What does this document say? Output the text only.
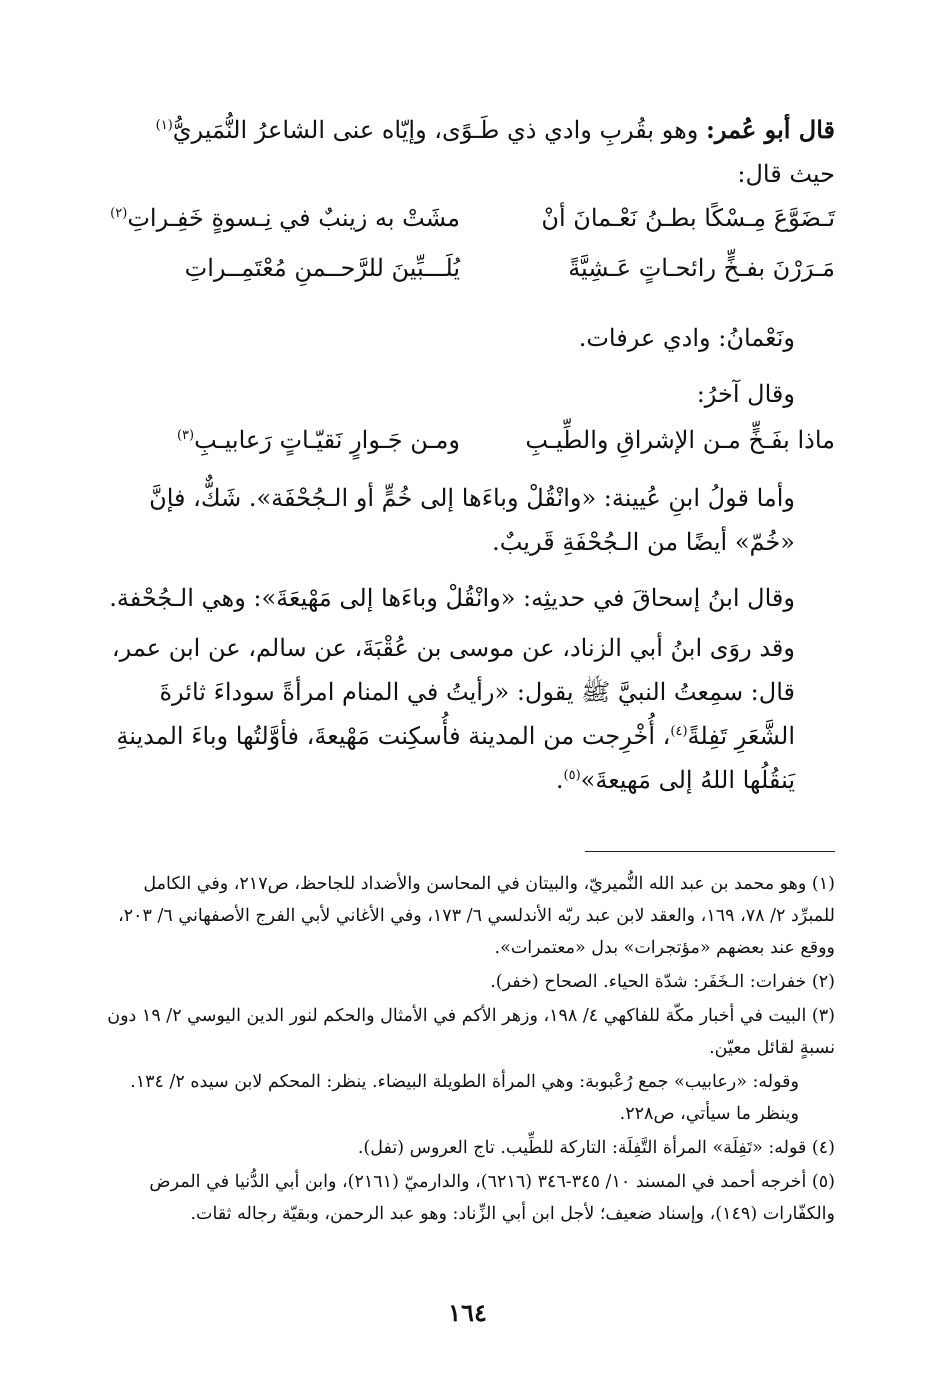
قال أبو عُمر: وهو بقُربِ وادي ذي طَـوًى، وإيّاه عنى الشاعرُ النُّمَيريُّ$^{(١)}$

حيث قال:

تَـضَوَّعَ مِـسْكًا بطـنُ نَعْـمانَ أنْ
مشَتْ به زينبٌ في نِـسوةٍ خَفِـراتِ$^{(٢)}$
مَـرَرْنَ بفـخٍّ رائحـاتٍ عَـشِيَّةً
يُلَـــبِّينَ للرَّحــمنِ مُعْتَمِــراتِ

ونَعْمانُ: وادي عرفات.

وقال آخرُ:

ماذا بفَـخٍّ مـن الإشراقِ والطِّيـبِ
ومـن جَـوارٍ نَقيّـاتٍ رَعابيـبِ$^{(٣)}$

وأما قولُ ابنِ عُيينة: «وانْقُلْ وباءَها إلى خُمٍّ أو الـجُحْفَة». شَكٌّ، فإنَّ «خُمّ» أيضًا من الـجُحْفَةِ قَريبٌ.

وقال ابنُ إسحاقَ في حديثِه: «وانْقُلْ وباءَها إلى مَهْيعَةَ»: وهي الـجُحْفة.

وقد روَى ابنُ أبي الزناد، عن موسى بن عُقْبَةَ، عن سالم، عن ابن عمر، قال: سمِعتُ النبيَّ ﷺ يقول: «رأيتُ في المنام امرأةً سوداءَ ثائرةَ الشَّعَرِ تَفِلةً$^{(٤)}$، أُخْرِجت من المدينة فأُسكِنت مَهْيعةَ، فأوَّلتُها وباءَ المدينةِ يَنقُلُها اللهُ إلى مَهيعةَ»$^{(٥)}$.

(١) وهو محمد بن عبد الله النُّميريّ، والبيتان في المحاسن والأضداد للجاحظ، ص٢١٧، وفي الكامل للمبرِّد ٢/ ٧٨، ١٦٩، والعقد لابن عبد ربّه الأندلسي ٦/ ١٧٣، وفي الأغاني لأبي الفرج الأصفهاني ٦/ ٢٠٣، ووقع عند بعضهم «مؤتجرات» بدل «معتمرات».

(٢) خفرات: الـخَفَر: شدّة الحياء. الصحاح (خفر).

(٣) البيت في أخبار مكّة للفاكهي ٤/ ١٩٨، وزهر الأكم في الأمثال والحكم لنور الدين اليوسي ٢/ ١٩ دون نسبةٍ لقائل معيّن.

وقوله: «رعابيب» جمع رُعْبوبة: وهي المرأة الطويلة البيضاء. ينظر: المحكم لابن سيده ٢/ ١٣٤. وينظر ما سيأتي، ص٢٢٨.

(٤) قوله: «تَفِلَة» المرأة التَّفِلَة: التاركة للطِّيب. تاج العروس (تفل).

(٥) أخرجه أحمد في المسند ١٠/ ٣٤٥-٣٤٦ (٦٢١٦)، والدارميّ (٢١٦١)، وابن أبي الدُّنيا في المرض والكفّارات (١٤٩)، وإسناد ضعيف؛ لأجل ابن أبي الزِّناد: وهو عبد الرحمن، وبقيّة رجاله ثقات.

١٦٤
